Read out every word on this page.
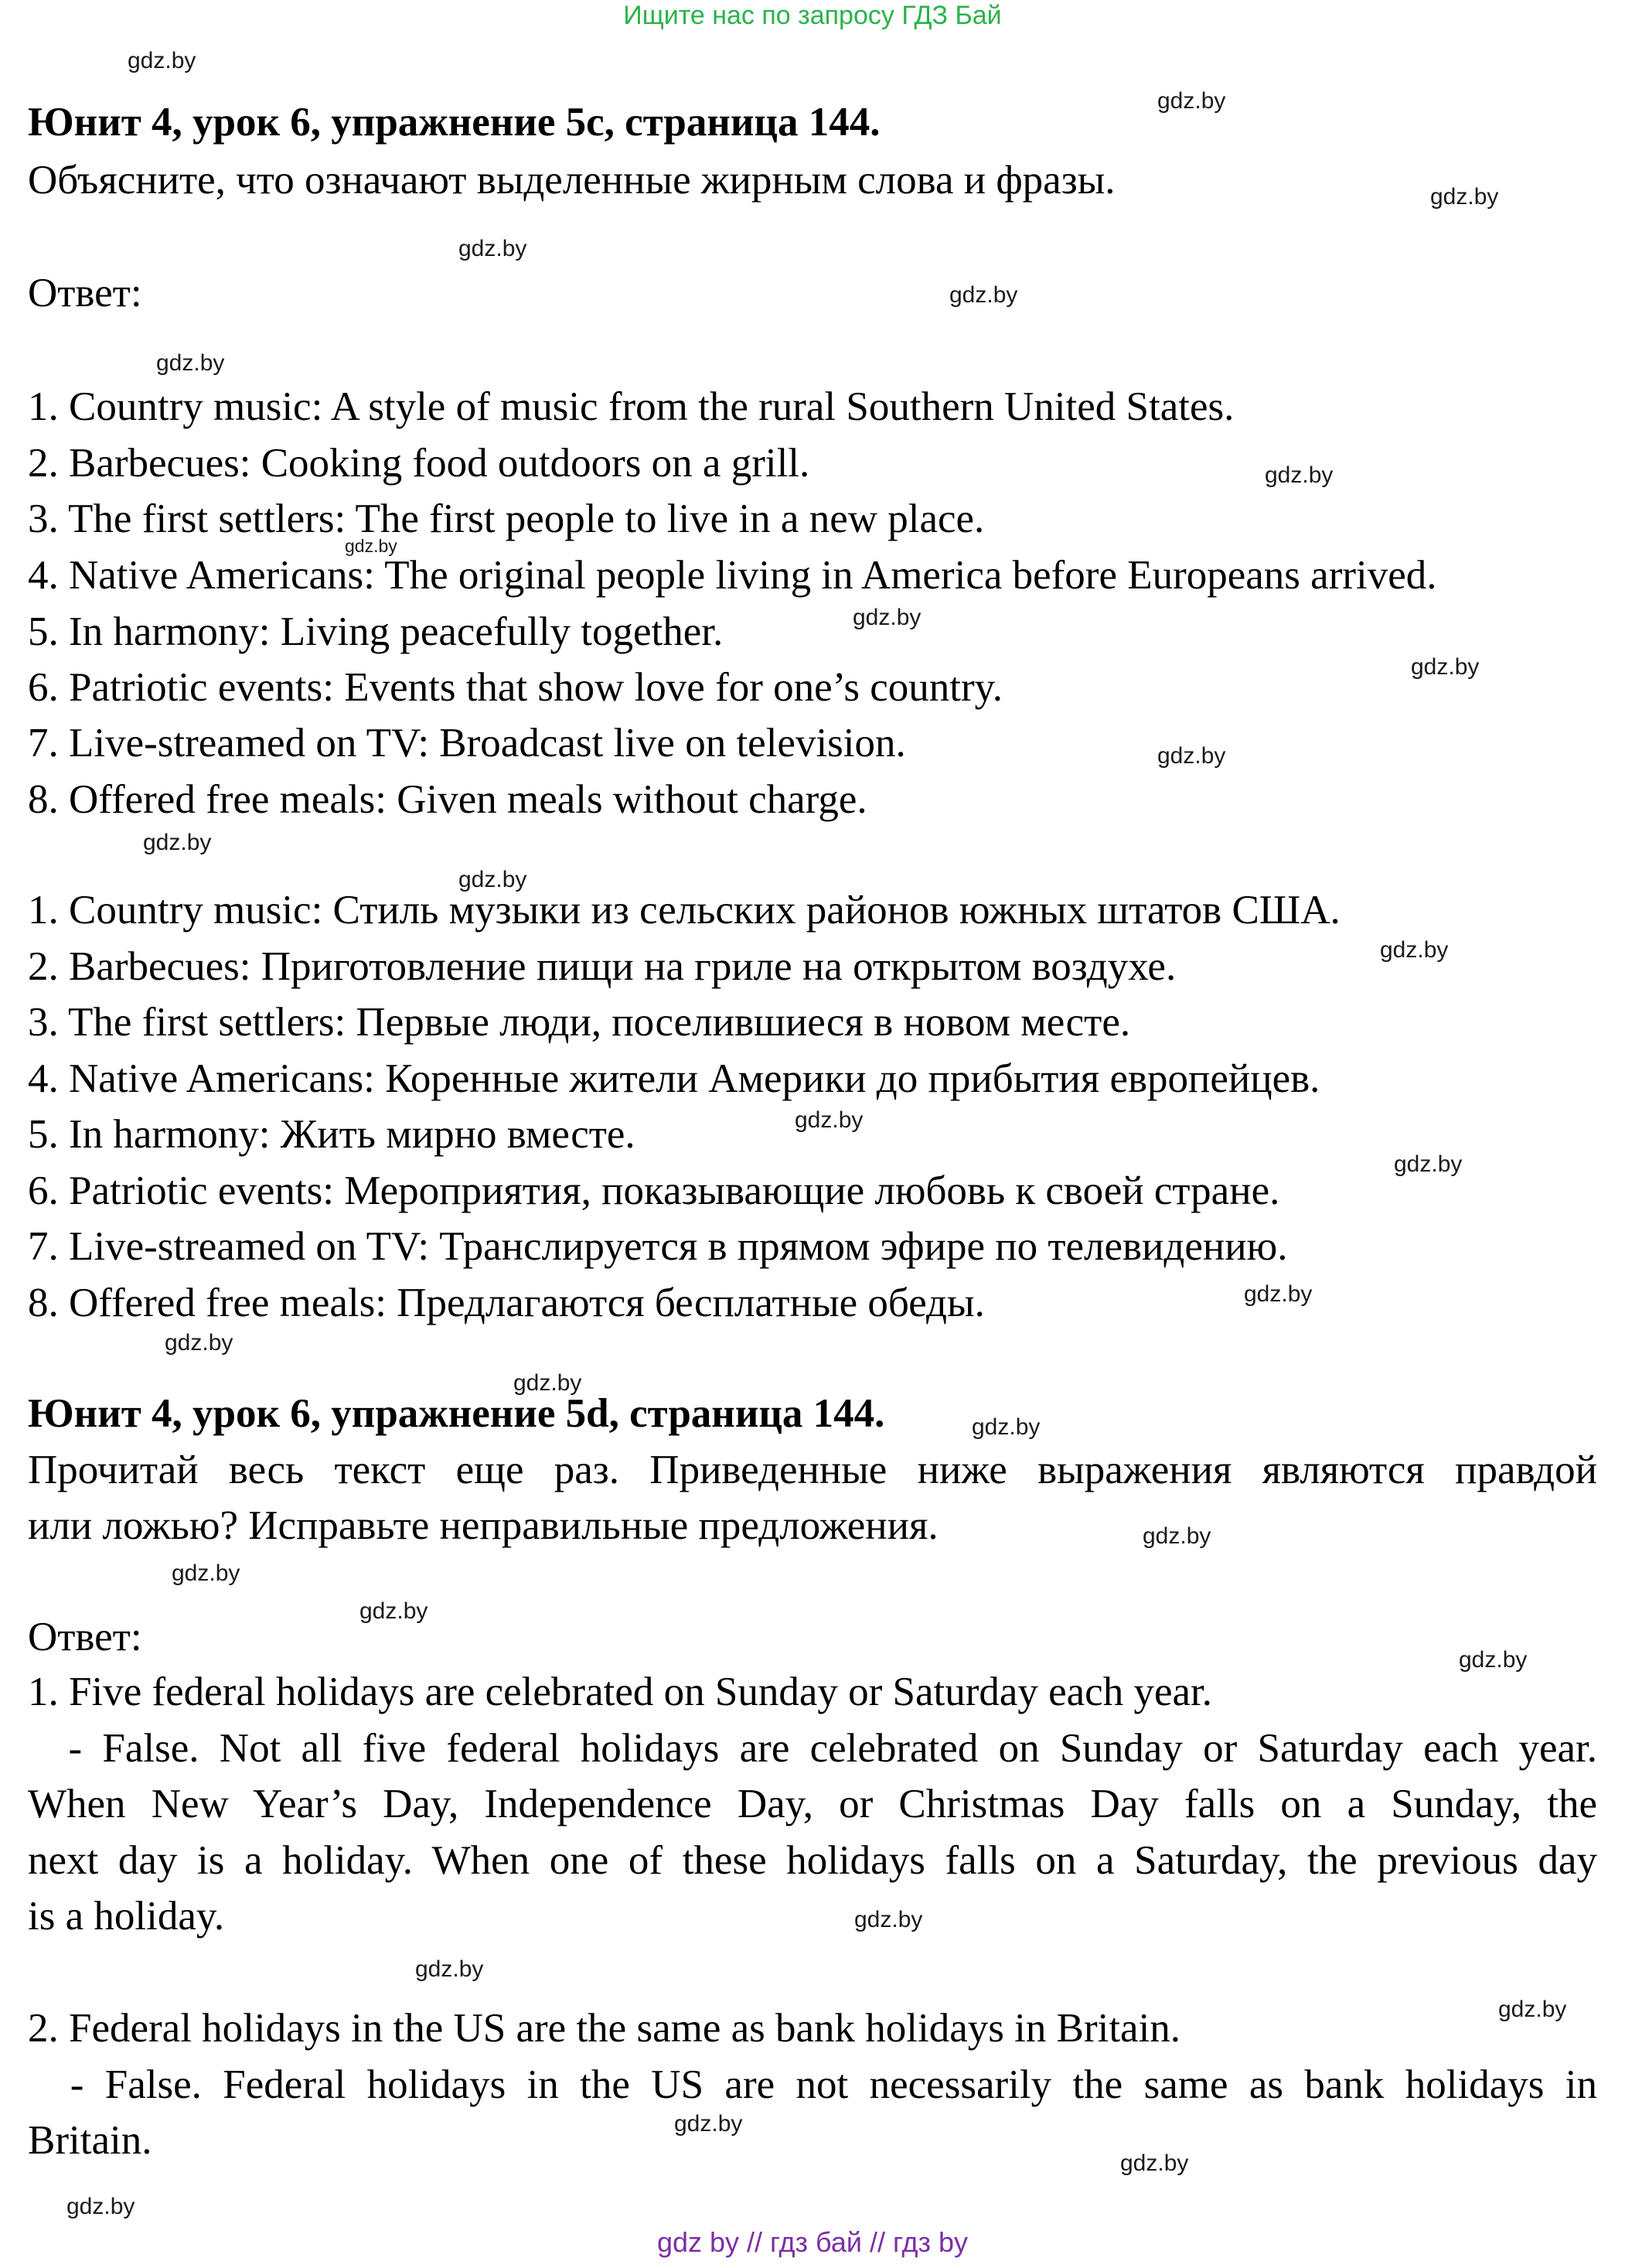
Ищите нас по запросу ГДЗ Бай
Юнит 4, урок 6, упражнение 5с, страница 144.
Объясните, что означают выделенные жирным слова и фразы.
Ответ:
1. Country music: A style of music from the rural Southern United States.
2. Barbecues: Cooking food outdoors on a grill.
3. The first settlers: The first people to live in a new place.
4. Native Americans: The original people living in America before Europeans arrived.
5. In harmony: Living peacefully together.
6. Patriotic events: Events that show love for one’s country.
7. Live-streamed on TV: Broadcast live on television.
8. Offered free meals: Given meals without charge.
1. Country music: Стиль музыки из сельских районов южных штатов США.
2. Barbecues: Приготовление пищи на гриле на открытом воздухе.
3. The first settlers: Первые люди, поселившиеся в новом месте.
4. Native Americans: Коренные жители Америки до прибытия европейцев.
5. In harmony: Жить мирно вместе.
6. Patriotic events: Мероприятия, показывающие любовь к своей стране.
7. Live-streamed on TV: Транслируется в прямом эфире по телевидению.
8. Offered free meals: Предлагаются бесплатные обеды.
Юнит 4, урок 6, упражнение 5d, страница 144.
Прочитай весь текст еще раз. Приведенные ниже выражения являются правдой
или ложью? Исправьте неправильные предложения.
Ответ:
1. Five federal holidays are celebrated on Sunday or Saturday each year.
- False. Not all five federal holidays are celebrated on Sunday or Saturday each year.
When New Year’s Day, Independence Day, or Christmas Day falls on a Sunday, the
next day is a holiday. When one of these holidays falls on a Saturday, the previous day
is a holiday.
2. Federal holidays in the US are the same as bank holidays in Britain.
- False. Federal holidays in the US are not necessarily the same as bank holidays in
Britain.
gdz.by
gdz.by
gdz.by
gdz.by
gdz.by
gdz.by
gdz.by
gdz.by
gdz.by
gdz.by
gdz.by
gdz.by
gdz.by
gdz.by
gdz.by
gdz.by
gdz.by
gdz.by
gdz.by
gdz.by
gdz.by
gdz.by
gdz.by
gdz.by
gdz.by
gdz.by
gdz.by
gdz.by
gdz.by
gdz.by
gdz by // гдз бай // гдз by
